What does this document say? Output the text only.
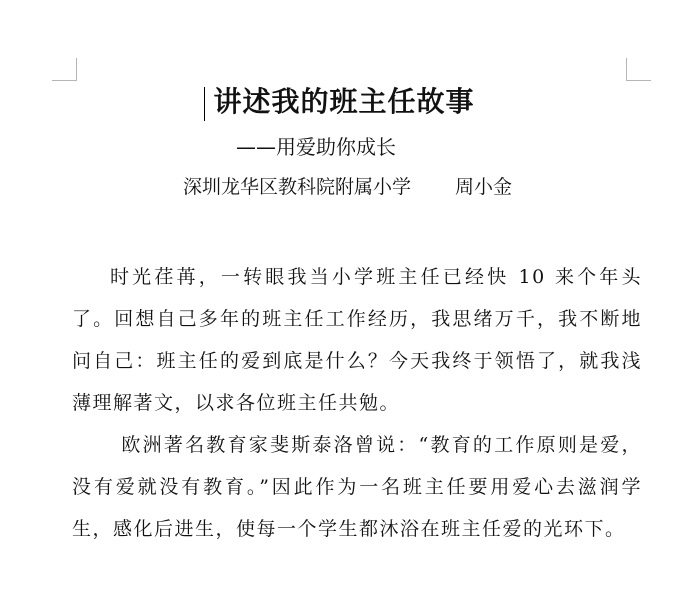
讲述我的班主任故事
——用爱助你成长
深圳龙华区教科院附属小学 周小金

时光荏苒，一转眼我当小学班主任已经快 10 来个年头了。回想自己多年的班主任工作经历，我思绪万千，我不断地问自己：班主任的爱到底是什么？今天我终于领悟了，就我浅薄理解著文，以求各位班主任共勉。

欧洲著名教育家斐斯泰洛曾说：“教育的工作原则是爱，没有爱就没有教育。”因此作为一名班主任要用爱心去滋润学生，感化后进生，使每一个学生都沐浴在班主任爱的光环下。
